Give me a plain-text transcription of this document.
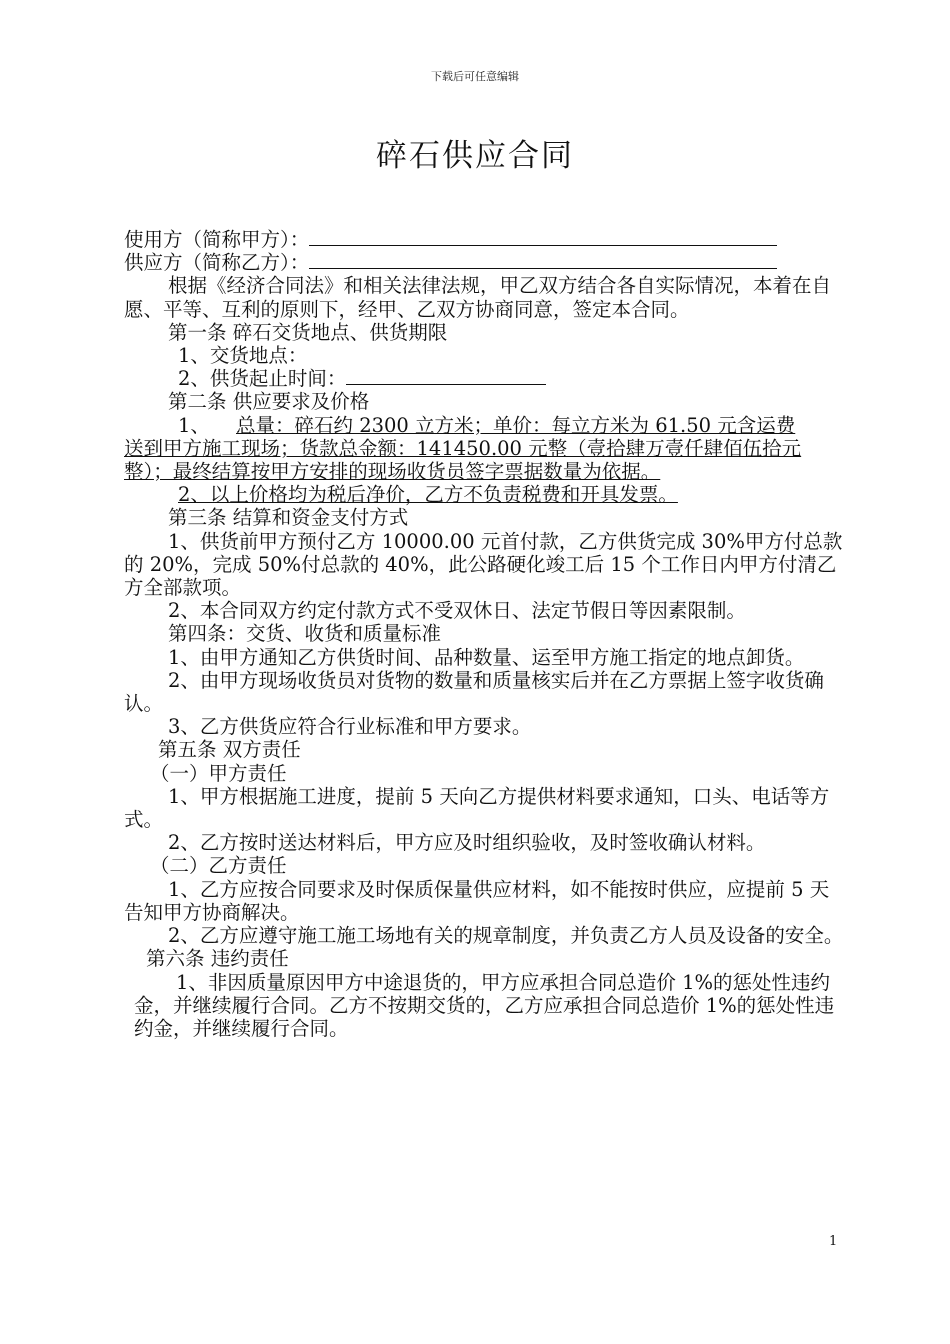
下载后可任意编辑
碎石供应合同

使用方（简称甲方）：

供应方（简称乙方）：

根据《经济合同法》和相关法律法规，甲乙双方结合各自实际情况，本着在自愿、平等、互利的原则下，经甲、乙双方协商同意，签定本合同。

第一条 碎石交货地点、供货期限

1、交货地点：

2、供货起止时间：

第二条 供应要求及价格

1、	总量：碎石约 2300 立方米；单价：每立方米为 61.50 元含运费

送到甲方施工现场；货款总金额：141450.00 元整（壹拾肆万壹仟肆佰伍拾元整）；最终结算按甲方安排的现场收货员签字票据数量为依据。

2、以上价格均为税后净价，乙方不负责税费和开具发票。

第三条 结算和资金支付方式

1、供货前甲方预付乙方 10000.00 元首付款，乙方供货完成 30%甲方付总款的 20%，完成 50%付总款的 40%，此公路硬化竣工后 15 个工作日内甲方付清乙方全部款项。

2、本合同双方约定付款方式不受双休日、法定节假日等因素限制。

第四条：交货、收货和质量标准

1、由甲方通知乙方供货时间、品种数量、运至甲方施工指定的地点卸货。

2、由甲方现场收货员对货物的数量和质量核实后并在乙方票据上签字收货确认。

3、乙方供货应符合行业标准和甲方要求。

第五条 双方责任

（一）甲方责任

1、甲方根据施工进度，提前 5 天向乙方提供材料要求通知，口头、电话等方式。

2、乙方按时送达材料后，甲方应及时组织验收，及时签收确认材料。

（二）乙方责任

1、乙方应按合同要求及时保质保量供应材料，如不能按时供应，应提前 5 天告知甲方协商解决。

2、乙方应遵守施工施工场地有关的规章制度，并负责乙方人员及设备的安全。

第六条 违约责任

1、非因质量原因甲方中途退货的，甲方应承担合同总造价 1%的惩处性违约金，并继续履行合同。乙方不按期交货的，乙方应承担合同总造价 1%的惩处性违约金，并继续履行合同。

1
